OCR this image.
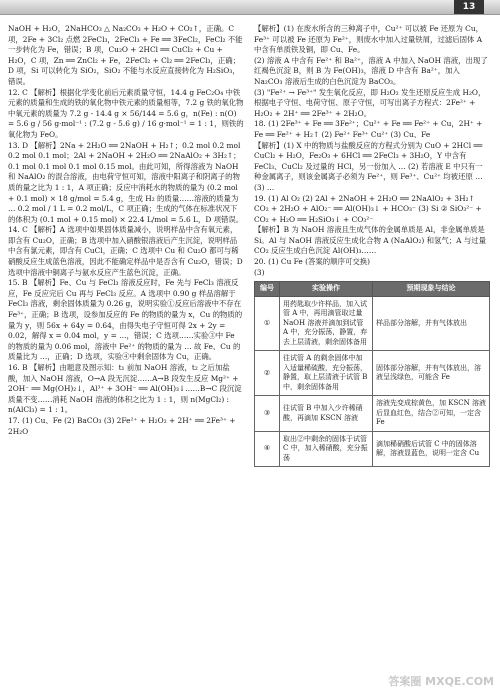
13

NaOH + H₂O，2NaHCO₃ △ Na₂CO₃ + H₂O + CO₂↑，正确。C 项，2Fe + 3Cl₂ 点燃 2FeCl₃，2FeCl₃ + Fe ══ 3FeCl₂，FeCl₂ 不能一步转化为 Fe，错误；B 项，Cu₂O + 2HCl ══ CuCl₂ + Cu + H₂O，C 项，Zn ══ ZnCl₂ + Fe，2FeCl₂ + Cl₂ ══ 2FeCl₃，正确；D 项，Si 可以转化为 SiO₂，SiO₂ 不能与水反应直接转化为 H₂SiO₃，错误。

12. C 【解析】根据化学变化前后元素质量守恒，14.4 g FeC₂O₄ 中铁元素的质量和生成的铁的氧化物中铁元素的质量相等，7.2 g 铁的氧化物中氧元素的质量为 7.2 g - 14.4 g × 56/144 = 5.6 g，n(Fe) : n(O) = 5.6 g / 56 g·mol⁻¹ : (7.2 g - 5.6 g) / 16 g·mol⁻¹ = 1 : 1，则铁的氧化物为 FeO。

13. D 【解析】2Na + 2H₂O ══ 2NaOH + H₂↑；0.2 mol 0.2 mol 0.2 mol 0.1 mol；2Al + 2NaOH + 2H₂O ══ 2NaAlO₂ + 3H₂↑；0.1 mol 0.1 mol 0.1 mol 0.15 mol。由此可知，所得溶液为 NaOH 和 NaAlO₂ 的混合溶液，由电荷守恒可知，溶液中阳离子和阴离子的物质的量之比为 1 : 1，A 项正确；反应中消耗水的物质的量为 (0.2 mol + 0.1 mol) × 18 g/mol = 5.4 g，生成 H₂ 的质量……溶液的质量为 … 0.2 mol / 1 L = 0.2 mol/L，C 项正确；生成的气体在标准状况下的体积为 (0.1 mol + 0.15 mol) × 22.4 L/mol = 5.6 L，D 项错误。

14. C 【解析】A 选项中如果固体质量减小，说明样品中含有氧元素，即含有 Cu₂O，正确；B 选项中加入硝酸银溶液后产生沉淀，说明样品中含有氯元素，即含有 CuCl，正确；C 选项中 Cu 和 Cu₂O 都可与稀硝酸反应生成蓝色溶液，因此不能确定样品中是否含有 Cu₂O，错误；D 选项中溶液中铜离子与氨水反应产生蓝色沉淀，正确。

15. B 【解析】Fe、Cu 与 FeCl₃ 溶液反应时，Fe 先与 FeCl₃ 溶液反应，Fe 反应完后 Cu 再与 FeCl₃ 反应。A 选项中 0.90 g 样品溶解于 FeCl₃ 溶液，剩余固体质量为 0.26 g，说明实验①反应后溶液中不存在 Fe³⁺，正确；B 选项，设参加反应的 Fe 的物质的量为 x，Cu 的物质的量为 y，则 56x + 64y = 0.64，由得失电子守恒可得 2x + 2y = 0.02，解得 x = 0.04 mol，y = …，错误；C 选项……实验③中 Fe 的物质的量为 0.06 mol，溶液中 Fe²⁺ 的物质的量为 … 故 Fe、Cu 的质量比为 …，正确；D 选项，实验④中剩余固体为 Cu，正确。

16. B 【解析】由题意及图示知：t₁ 前加 NaOH 溶液，t₂ 之后加盐酸，加入 NaOH 溶液，O→A 段无沉淀……A→B 段发生反应 Mg²⁺ + 2OH⁻ ══ Mg(OH)₂↓，Al³⁺ + 3OH⁻ ══ Al(OH)₃↓……B→C 段沉淀质量不变……消耗 NaOH 溶液的体积之比为 1 : 1，则 n(MgCl₂) : n(AlCl₃) = 1 : 1。

17. (1) Cu、Fe (2) BaCO₃ (3) 2Fe²⁺ + H₂O₂ + 2H⁺ ══ 2Fe³⁺ + 2H₂O

【解析】(1) 在废水所含的三种离子中，Cu²⁺ 可以被 Fe 还原为 Cu，Fe³⁺ 可以被 Fe 还原为 Fe²⁺，则废水中加入过量铁屑，过滤后固体 A 中含有单质铁及铜，即 Cu、Fe。

(2) 溶液 A 中含有 Fe²⁺ 和 Ba²⁺，溶液 A 中加入 NaOH 溶液，出现了红褐色沉淀 B，则 B 为 Fe(OH)₃，溶液 D 中含有 Ba²⁺，加入 Na₂CO₃ 溶液后生成的白色沉淀为 BaCO₃。

(3) "Fe²⁺ → Fe³⁺" 发生氧化反应，即 H₂O₂ 发生还原反应生成 H₂O，根据电子守恒、电荷守恒、原子守恒，可写出离子方程式：2Fe²⁺ + H₂O₂ + 2H⁺ ══ 2Fe³⁺ + 2H₂O。

18. (1) 2Fe³⁺ + Fe ══ 3Fe²⁺；Cu²⁺ + Fe ══ Fe²⁺ + Cu，2H⁺ + Fe ══ Fe²⁺ + H₂↑ (2) Fe²⁺ Fe³⁺ Cu²⁺ (3) Cu、Fe

【解析】(1) X 中的物质与盐酸反应的方程式分别为 CuO + 2HCl ══ CuCl₂ + H₂O，Fe₂O₃ + 6HCl ══ 2FeCl₃ + 3H₂O，Y 中含有 FeCl₃、CuCl₂ 及过量的 HCl，另一份加入 … (2) 若溶液 E 中只有一种金属离子，则该金属离子必须为 Fe²⁺，则 Fe³⁺、Cu²⁺ 均被还原 … (3) …

19. (1) Al O₂ (2) 2Al + 2NaOH + 2H₂O ══ 2NaAlO₂ + 3H₂↑ CO₂ + 2H₂O + AlO₂⁻ ══ Al(OH)₃↓ + HCO₃⁻ (3) Si ② SiO₃²⁻ + CO₂ + H₂O ══ H₂SiO₃↓ + CO₃²⁻

【解析】B 为 NaOH 溶液且生成气体的金属单质是 Al，非金属单质是 Si。Al 与 NaOH 溶液反应生成化合物 A (NaAlO₂) 和氢气；A 与过量 CO₂ 反应生成白色沉淀 Al(OH)₃……

20. (1) Cu Fe (答案的顺序可交换)

(3)

编号	实验操作	预期现象与结论
①	用药匙取少许样品，加入试管 A 中，再用滴管取过量 NaOH 溶液并滴加到试管 A 中，充分振荡，静置，弃去上层清液，剩余固体备用	样品部分溶解，并有气体放出
②	往试管 A 的剩余固体中加入适量稀硫酸，充分振荡，静置，取上层清液于试管 B 中，剩余固体备用	固体部分溶解，并有气体放出，溶液呈浅绿色，可能含 Fe
③	往试管 B 中加入少许稀硝酸，再滴加 KSCN 溶液	溶液先变成棕黄色，加 KSCN 溶液后显血红色，结合②可知，一定含 Fe
④	取出②中剩余的固体于试管 C 中，加入稀硝酸，充分振荡	滴加稀硝酸后试管 C 中的固体溶解，溶液显蓝色，说明一定含 Cu
答案圈 MXQE.COM
